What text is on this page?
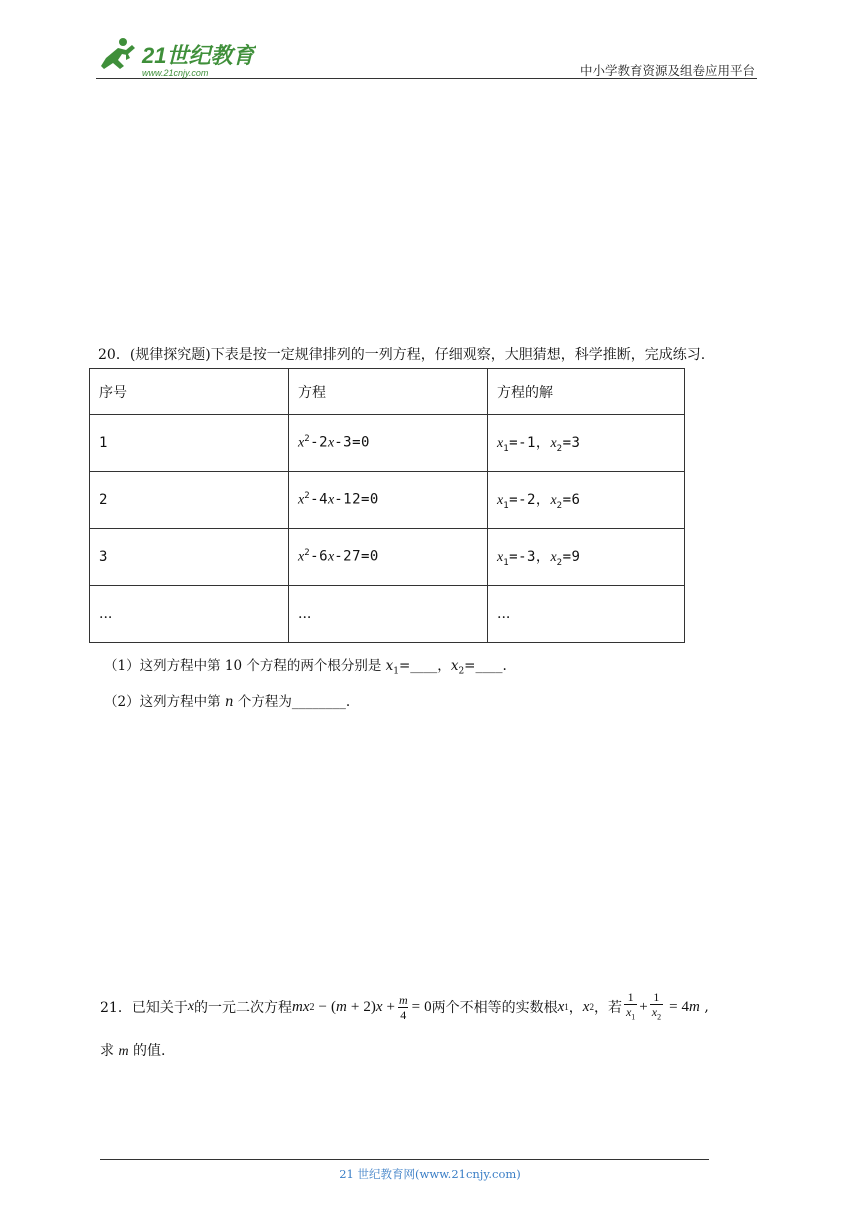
21世纪教育
www.21cnjy.com	中小学教育资源及组卷应用平台
20．(规律探究题)下表是按一定规律排列的一列方程，仔细观察，大胆猜想，科学推断，完成练习.
序号	方程	方程的解
1	$x^2-2x-3=0$	$x_1=-1$，$x_2=3$
2	$x^2-4x-12=0$	$x_1=-2$，$x_2=6$
3	$x^2-6x-27=0$	$x_1=-3$，$x_2=9$
...	...	...
（1）这列方程中第 10 个方程的两个根分别是 $x_1=\_\_\_\_$，$x_2=\_\_\_\_$.
（2）这列方程中第 n 个方程为________.
21．已知关于 x 的一元二次方程 mx 2 − ( m + 2) $x + \frac{m}{4} = 0$ 两个不相等的实数根 x 1 ， x 2 ，若 $\frac{1}{x_1} + \frac{1}{x_2} = 4$ m ,
求 m 的值.
21 世纪教育网(www.21cnjy.com)
